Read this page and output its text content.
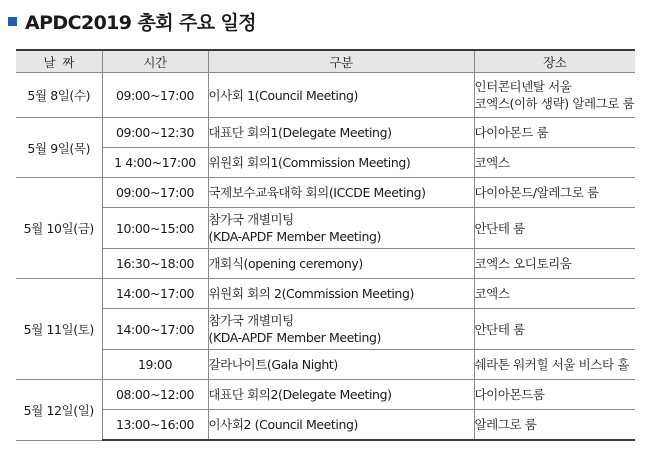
APDC2019 총회 주요 일정
날  짜	시간	구분	장소
5월 8일(수)	09:00~17:00	이사회 1(Council Meeting)	인터콘티넨탈 서울
코엑스(이하 생략) 알레그로 룸

5월 9일(목)	09:00~12:30	대표단 회의1(Delegate Meeting)	다이아몬드 룸

	1 4:00~17:00	위원회 회의1(Commission Meeting)	코엑스

5월 10일(금)	09:00~17:00	국제보수교육대학 회의(ICCDE Meeting)	다이아몬드/알레그로 룸

	10:00~15:00	참가국 개별미팅
(KDA-APDF Member Meeting)	안단테 룸

	16:30~18:00	개회식(opening ceremony)	코엑스 오디토리움

5월 11일(토)	14:00~17:00	위원회 회의 2(Commission Meeting)	코엑스

	14:00~17:00	참가국 개별미팅
(KDA-APDF Member Meeting)	안단테 룸

	19:00	갈라나이트(Gala Night)	쉐라톤 워커힐 서울 비스타 홀

5월 12일(일)	08:00~12:00	대표단 회의2(Delegate Meeting)	다이아몬드룸

	13:00~16:00	이사회2 (Council Meeting)	알레그로 룸
